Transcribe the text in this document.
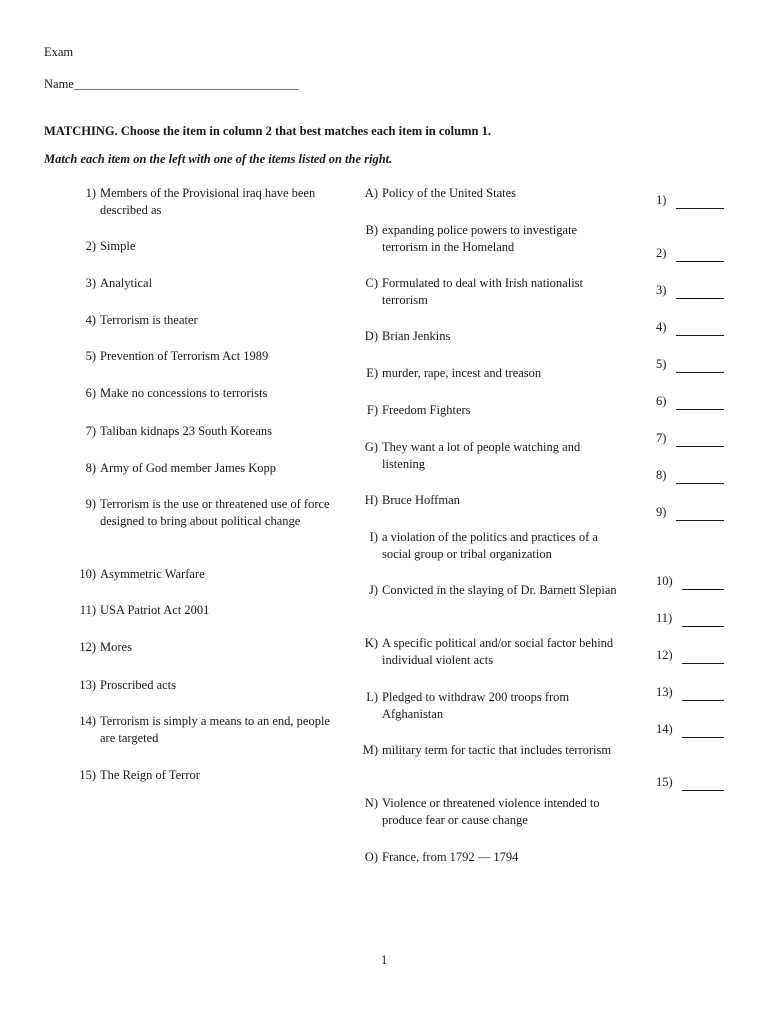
Exam
Name____________________________________
MATCHING. Choose the item in column 2 that best matches each item in column 1.
Match each item on the left with one of the items listed on the right.
1) Members of the Provisional iraq have been described as
2) Simple
3) Analytical
4) Terrorism is theater
5) Prevention of Terrorism Act 1989
6) Make no concessions to terrorists
7) Taliban kidnaps 23 South Koreans
8) Army of God member James Kopp
9) Terrorism is the use or threatened use of force designed to bring about political change
10) Asymmetric Warfare
11) USA Patriot Act 2001
12) Mores
13) Proscribed acts
14) Terrorism is simply a means to an end, people are targeted
15) The Reign of Terror
A) Policy of the United States
B) expanding police powers to investigate terrorism in the Homeland
C) Formulated to deal with Irish nationalist terrorism
D) Brian Jenkins
E) murder, rape, incest and treason
F) Freedom Fighters
G) They want a lot of people watching and listening
H) Bruce Hoffman
I) a violation of the politics and practices of a social group or tribal organization
J) Convicted in the slaying of Dr. Barnett Slepian
K) A specific political and/or social factor behind individual violent acts
L) Pledged to withdraw 200 troops from Afghanistan
M) military term for tactic that includes terrorism
N) Violence or threatened violence intended to produce fear or cause change
O) France, from 1792 — 1794
1)
2)
3)
4)
5)
6)
7)
8)
9)
10)
11)
12)
13)
14)
15)
1
